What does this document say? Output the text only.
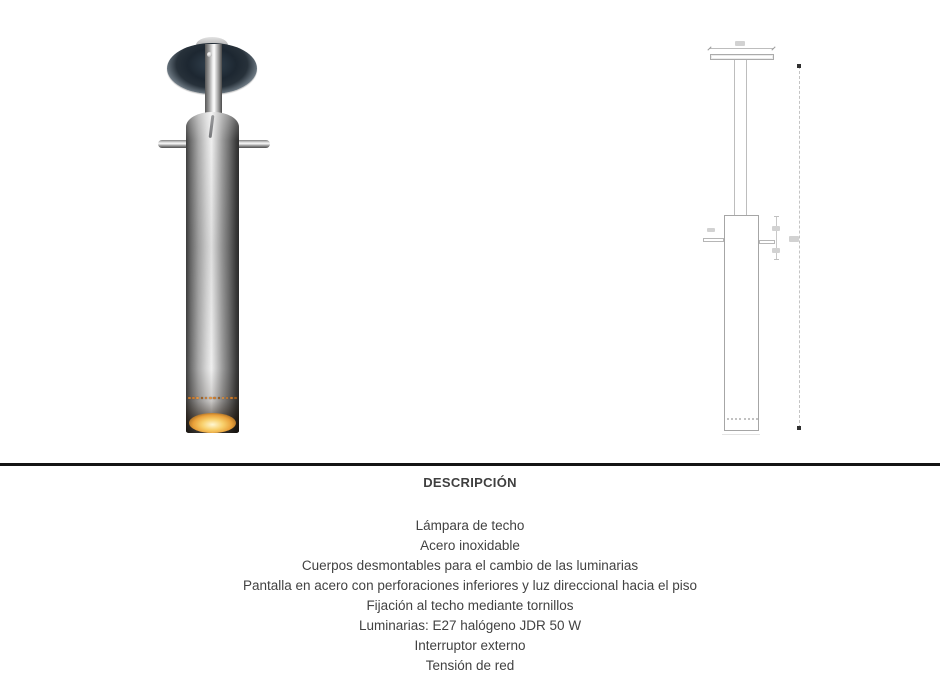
DESCRIPCIÓN

Lámpara de techo

Acero inoxidable

Cuerpos desmontables para el cambio de las luminarias

Pantalla en acero con perforaciones inferiores y luz direccional hacia el piso

Fijación al techo mediante tornillos

Luminarias: E27 halógeno JDR 50 W

Interruptor externo

Tensión de red
